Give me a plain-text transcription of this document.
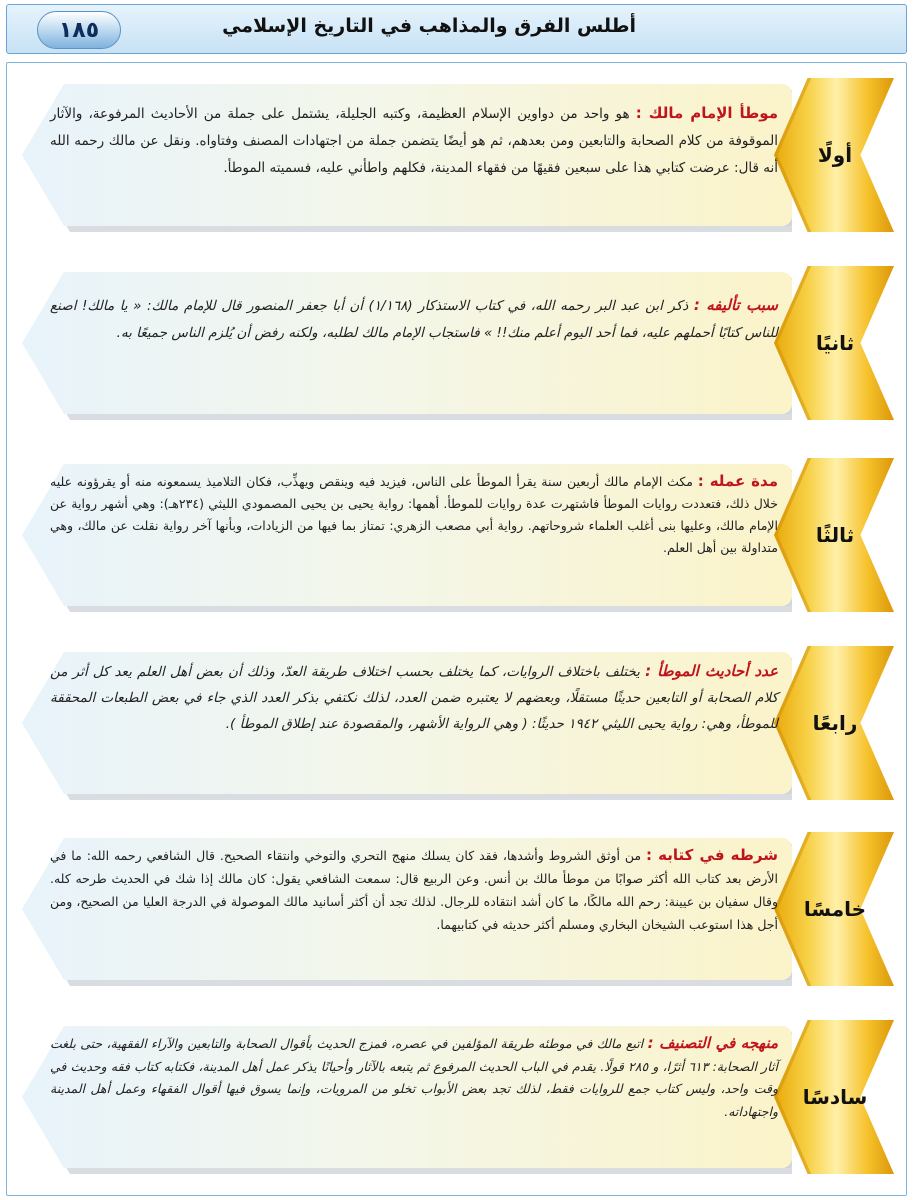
أطلس الفرق والمذاهب في التاريخ الإسلامي
١٨٥
أولًا
موطأ الإمام مالك : هو واحد من دواوين الإسلام العظيمة، وكتبه الجليلة، يشتمل على جملة من الأحاديث المرفوعة، والآثار الموقوفة من كلام الصحابة والتابعين ومن بعدهم، ثم هو أيضًا يتضمن جملة من اجتهادات المصنف وفتاواه. ونقل عن مالك رحمه الله أنه قال: عرضت كتابي هذا على سبعين فقيهًا من فقهاء المدينة، فكلهم واطأني عليه، فسميته الموطأ.
ثانيًا
سبب تأليفه : ذكر ابن عبد البر رحمه الله، في كتاب الاستذكار (١/١٦٨) أن أبا جعفر المنصور قال للإمام مالك: « يا مالك! اصنع للناس كتابًا أحملهم عليه، فما أحد اليوم أعلم منك!! » فاستجاب الإمام مالك لطلبه، ولكنه رفض أن يُلزم الناس جميعًا به.
ثالثًا
مدة عمله : مكث الإمام مالك أربعين سنة يقرأ الموطأ على الناس، فيزيد فيه وينقص ويهذِّب، فكان التلاميذ يسمعونه منه أو يقرؤونه عليه خلال ذلك، فتعددت روايات الموطأ فاشتهرت عدة روايات للموطأ. أهمها: رواية يحيى بن يحيى المصمودي الليثي (٢٣٤هـ): وهي أشهر رواية عن الإمام مالك، وعليها بنى أغلب العلماء شروحاتهم. رواية أبي مصعب الزهري: تمتاز بما فيها من الزيادات، وبأنها آخر رواية نقلت عن مالك، وهي متداولة بين أهل العلم.
رابعًا
عدد أحاديث الموطأ : يختلف باختلاف الروايات، كما يختلف بحسب اختلاف طريقة العدّ، وذلك أن بعض أهل العلم يعد كل أثر من كلام الصحابة أو التابعين حديثًا مستقلًا، وبعضهم لا يعتبره ضمن العدد، لذلك نكتفي بذكر العدد الذي جاء في بعض الطبعات المحققة للموطأ، وهي: رواية يحيى الليثي ١٩٤٢ حديثًا: ( وهي الرواية الأشهر، والمقصودة عند إطلاق الموطأ ).
خامسًا
شرطه في كتابه : من أوثق الشروط وأشدها، فقد كان يسلك منهج التحري والتوخي وانتقاء الصحيح. قال الشافعي رحمه الله: ما في الأرض بعد كتاب الله أكثر صوابًا من موطأ مالك بن أنس. وعن الربيع قال: سمعت الشافعي يقول: كان مالك إذا شك في الحديث طرحه كله. وقال سفيان بن عيينة: رحم الله مالكًا، ما كان أشد انتقاده للرجال. لذلك تجد أن أكثر أسانيد مالك الموصولة في الدرجة العليا من الصحيح، ومن أجل هذا استوعب الشيخان البخاري ومسلم أكثر حديثه في كتابيهما.
سادسًا
منهجه في التصنيف : اتبع مالك في موطئه طريقة المؤلفين في عصره، فمزج الحديث بأقوال الصحابة والتابعين والآراء الفقهية، حتى بلغت آثار الصحابة: ٦١٣ أثرًا، و ٢٨٥ قولًا. يقدم في الباب الحديث المرفوع ثم يتبعه بالآثار وأحيانًا يذكر عمل أهل المدينة، فكتابه كتاب فقه وحديث في وقت واحد، وليس كتاب جمع للروايات فقط، لذلك تجد بعض الأبواب تخلو من المرويات، وإنما يسوق فيها أقوال الفقهاء وعمل أهل المدينة واجتهاداته.
